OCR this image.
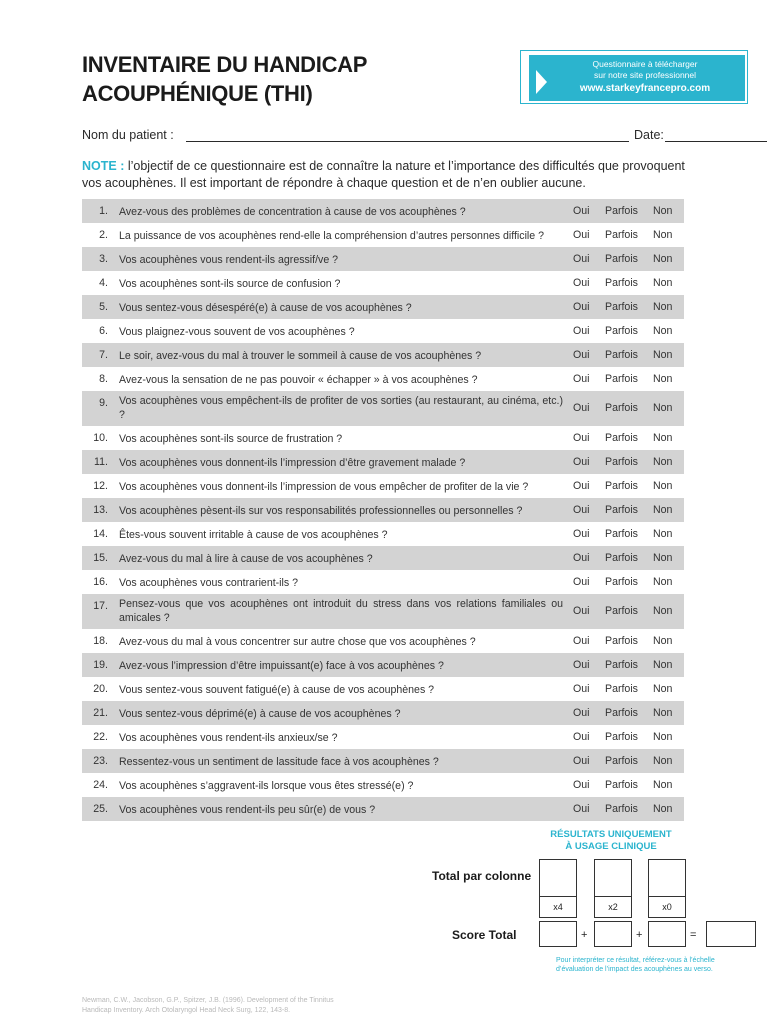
INVENTAIRE DU HANDICAP
ACOUPHÉNIQUE (THI)
Questionnaire à télécharger
sur notre site professionnel
www.starkeyfrancepro.com
Nom du patient :	Date:
NOTE : l’objectif de ce questionnaire est de connaître la nature et l’importance des difficultés que provoquent vos acouphènes. Il est important de répondre à chaque question et de n’en oublier aucune.
1. Avez-vous des problèmes de concentration à cause de vos acouphènes ?	Oui Parfois Non
2. La puissance de vos acouphènes rend-elle la compréhension d’autres personnes difficile ?	Oui Parfois Non
3. Vos acouphènes vous rendent-ils agressif/ve ?	Oui Parfois Non
4. Vos acouphènes sont-ils source de confusion ?	Oui Parfois Non
5. Vous sentez-vous désespéré(e) à cause de vos acouphènes ?	Oui Parfois Non
6. Vous plaignez-vous souvent de vos acouphènes ?	Oui Parfois Non
7. Le soir, avez-vous du mal à trouver le sommeil à cause de vos acouphènes ?	Oui Parfois Non
8. Avez-vous la sensation de ne pas pouvoir « échapper » à vos acouphènes ?	Oui Parfois Non
9. Vos acouphènes vous empêchent-ils de profiter de vos sorties (au restaurant, au cinéma, etc.) ?
Oui Parfois Non
10. Vos acouphènes sont-ils source de frustration ?	Oui Parfois Non
11. Vos acouphènes vous donnent-ils l’impression d’être gravement malade ?	Oui Parfois Non
12. Vos acouphènes vous donnent-ils l’impression de vous empêcher de profiter de la vie ?	Oui Parfois Non
13. Vos acouphènes pèsent-ils sur vos responsabilités professionnelles ou personnelles ?	Oui Parfois Non
14. Êtes-vous souvent irritable à cause de vos acouphènes ?	Oui Parfois Non
15. Avez-vous du mal à lire à cause de vos acouphènes ?	Oui Parfois Non
16. Vos acouphènes vous contrarient-ils ?	Oui Parfois Non
17. Pensez-vous que vos acouphènes ont introduit du stress dans vos relations familiales ou amicales ?
Oui Parfois Non
18. Avez-vous du mal à vous concentrer sur autre chose que vos acouphènes ?	Oui Parfois Non
19. Avez-vous l’impression d’être impuissant(e) face à vos acouphènes ?	Oui Parfois Non
20. Vous sentez-vous souvent fatigué(e) à cause de vos acouphènes ?	Oui Parfois Non
21. Vous sentez-vous déprimé(e) à cause de vos acouphènes ?	Oui Parfois Non
22. Vos acouphènes vous rendent-ils anxieux/se ?	Oui Parfois Non
23. Ressentez-vous un sentiment de lassitude face à vos acouphènes ?	Oui Parfois Non
24. Vos acouphènes s’aggravent-ils lorsque vous êtes stressé(e) ?	Oui Parfois Non
25. Vos acouphènes vous rendent-ils peu sûr(e) de vous ?	Oui Parfois Non
RÉSULTATS UNIQUEMENT
À USAGE CLINIQUE
Total par colonne
x4	x2	x0
Score Total	+	+	=
Pour interpréter ce résultat, référez-vous à l’échelle
d’évaluation de l’impact des acouphènes au verso.
Newman, C.W., Jacobson, G.P., Spitzer, J.B. (1996). Development of the Tinnitus
Handicap Inventory. Arch Otolaryngol Head Neck Surg, 122, 143-8.
